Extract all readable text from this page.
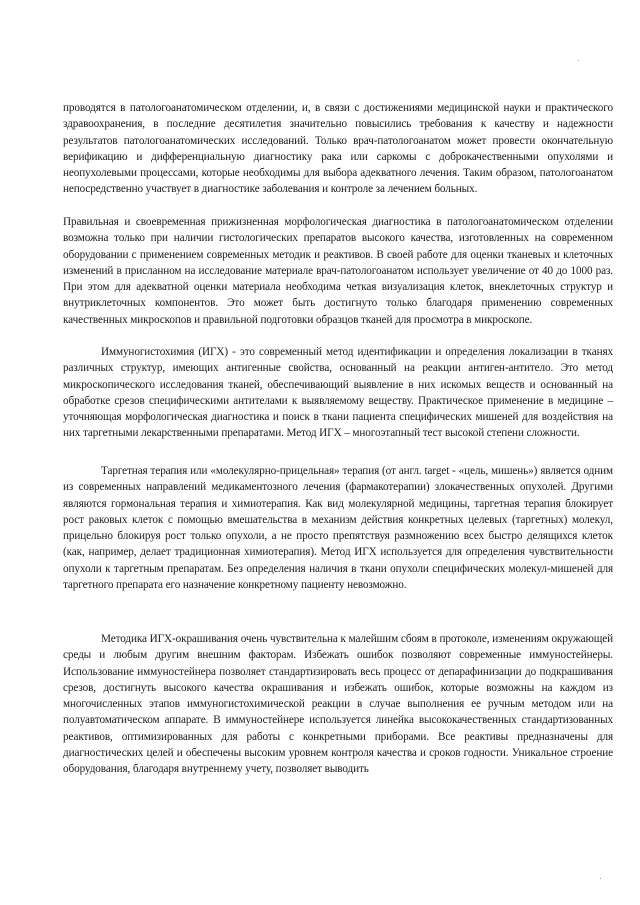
проводятся в патологоанатомическом отделении, и, в связи с достижениями медицинской науки и практического здравоохранения, в последние десятилетия значительно повысились требования к качеству и надежности результатов патологоанатомических исследований. Только врач-патологоанатом может провести окончательную верификацию и дифференциальную диагностику рака или саркомы с доброкачественными опухолями и неопухолевыми процессами, которые необходимы для выбора адекватного лечения. Таким образом, патологоанатом непосредственно участвует в диагностике заболевания и контроле за лечением больных.

Правильная и своевременная прижизненная морфологическая диагностика в патологоанатомическом отделении возможна только при наличии гистологических препаратов высокого качества, изготовленных на современном оборудовании с применением современных методик и реактивов. В своей работе для оценки тканевых и клеточных изменений в присланном на исследование материале врач-патологоанатом использует увеличение от 40 до 1000 раз. При этом для адекватной оценки материала необходима четкая визуализация клеток, внеклеточных структур и внутриклеточных компонентов. Это может быть достигнуто только благодаря применению современных качественных микроскопов и правильной подготовки образцов тканей для просмотра в микроскопе.

Иммуногистохимия (ИГХ) - это современный метод идентификации и определения локализации в тканях различных структур, имеющих антигенные свойства, основанный на реакции антиген-антитело. Это метод микроскопического исследования тканей, обеспечивающий выявление в них искомых веществ и основанный на обработке срезов специфическими антителами к выявляемому веществу. Практическое применение в медицине – уточняющая морфологическая диагностика и поиск в ткани пациента специфических мишеней для воздействия на них таргетными лекарственными препаратами. Метод ИГХ – многоэтапный тест высокой степени сложности.

Таргетная терапия или «молекулярно-прицельная» терапия (от англ. target - «цель, мишень») является одним из современных направлений медикаментозного лечения (фармакотерапии) злокачественных опухолей. Другими являются гормональная терапия и химиотерапия. Как вид молекулярной медицины, таргетная терапия блокирует рост раковых клеток с помощью вмешательства в механизм действия конкретных целевых (таргетных) молекул, прицельно блокируя рост только опухоли, а не просто препятствуя размножению всех быстро делящихся клеток (как, например, делает традиционная химиотерапия). Метод ИГХ используется для определения чувствительности опухоли к таргетным препаратам. Без определения наличия в ткани опухоли специфических молекул-мишеней для таргетного препарата его назначение конкретному пациенту невозможно.

Методика ИГХ-окрашивания очень чувствительна к малейшим сбоям в протоколе, изменениям окружающей среды и любым другим внешним факторам. Избежать ошибок позволяют современные иммуностейнеры. Использование иммуностейнера позволяет стандартизировать весь процесс от депарафинизации до подкрашивания срезов, достигнуть высокого качества окрашивания и избежать ошибок, которые возможны на каждом из многочисленных этапов иммуногистохимической реакции в случае выполнения ее ручным методом или на полуавтоматическом аппарате. В иммуностейнере используется линейка высококачественных стандартизованных реактивов, оптимизированных для работы с конкретными приборами. Все реактивы предназначены для диагностических целей и обеспечены высоким уровнем контроля качества и сроков годности. Уникальное строение оборудования, благодаря внутреннему учету, позволяет выводить
